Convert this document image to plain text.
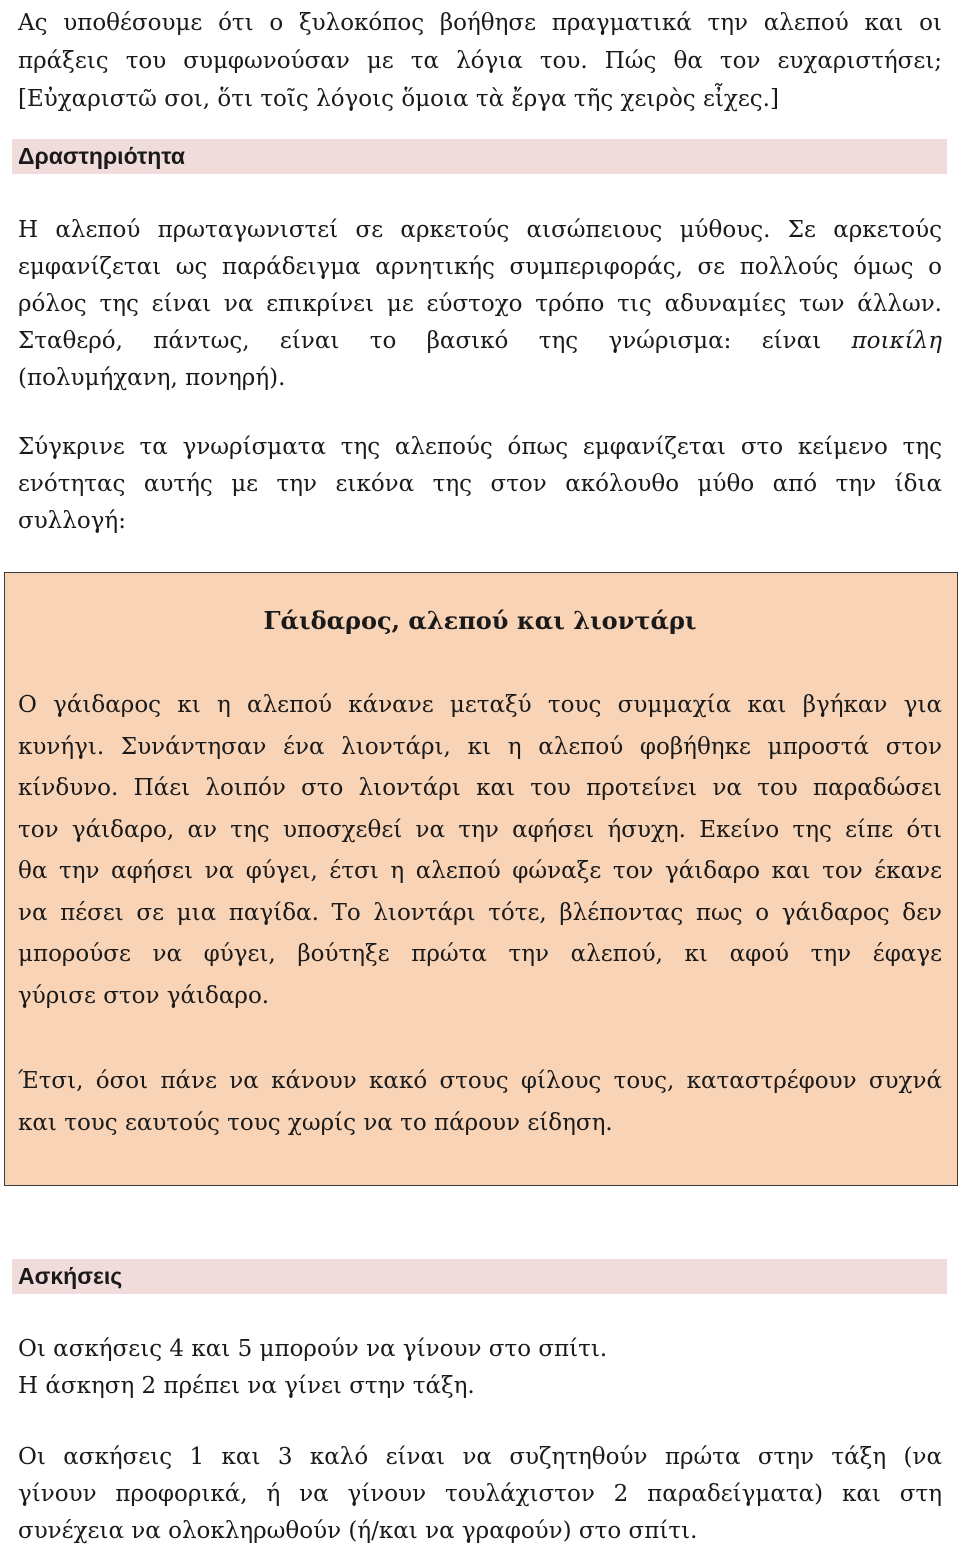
Ας υποθέσουμε ότι ο ξυλοκόπος βοήθησε πραγματικά την αλεπού και οι
πράξεις του συμφωνούσαν με τα λόγια του. Πώς θα τον ευχαριστήσει;
[Εὐχαριστῶ σοι, ὅτι τοῖς λόγοις ὅμοια τὰ ἔργα τῆς χειρὸς εἶχες.]
Δραστηριότητα
Η αλεπού πρωταγωνιστεί σε αρκετούς αισώπειους μύθους. Σε αρκετούς
εμφανίζεται ως παράδειγμα αρνητικής συμπεριφοράς, σε πολλούς όμως ο
ρόλος της είναι να επικρίνει με εύστοχο τρόπο τις αδυναμίες των άλλων.
Σταθερό, πάντως, είναι το βασικό της γνώρισμα: είναι ποικίλη
(πολυμήχανη, πονηρή).
Σύγκρινε τα γνωρίσματα της αλεπούς όπως εμφανίζεται στο κείμενο της
ενότητας αυτής με την εικόνα της στον ακόλουθο μύθο από την ίδια
συλλογή:
Γάιδαρος, αλεπού και λιοντάρι
Ο γάιδαρος κι η αλεπού κάνανε μεταξύ τους συμμαχία και βγήκαν για
κυνήγι. Συνάντησαν ένα λιοντάρι, κι η αλεπού φοβήθηκε μπροστά στον
κίνδυνο. Πάει λοιπόν στο λιοντάρι και του προτείνει να του παραδώσει
τον γάιδαρο, αν της υποσχεθεί να την αφήσει ήσυχη. Εκείνο της είπε ότι
θα την αφήσει να φύγει, έτσι η αλεπού φώναξε τον γάιδαρο και τον έκανε
να πέσει σε μια παγίδα. Το λιοντάρι τότε, βλέποντας πως ο γάιδαρος δεν
μπορούσε να φύγει, βούτηξε πρώτα την αλεπού, κι αφού την έφαγε
γύρισε στον γάιδαρο.
Έτσι, όσοι πάνε να κάνουν κακό στους φίλους τους, καταστρέφουν συχνά
και τους εαυτούς τους χωρίς να το πάρουν είδηση.
Ασκήσεις
Οι ασκήσεις 4 και 5 μπορούν να γίνουν στο σπίτι.
Η άσκηση 2 πρέπει να γίνει στην τάξη.
Οι ασκήσεις 1 και 3 καλό είναι να συζητηθούν πρώτα στην τάξη (να
γίνουν προφορικά, ή να γίνουν τουλάχιστον 2 παραδείγματα) και στη
συνέχεια να ολοκληρωθούν (ή/και να γραφούν) στο σπίτι.
